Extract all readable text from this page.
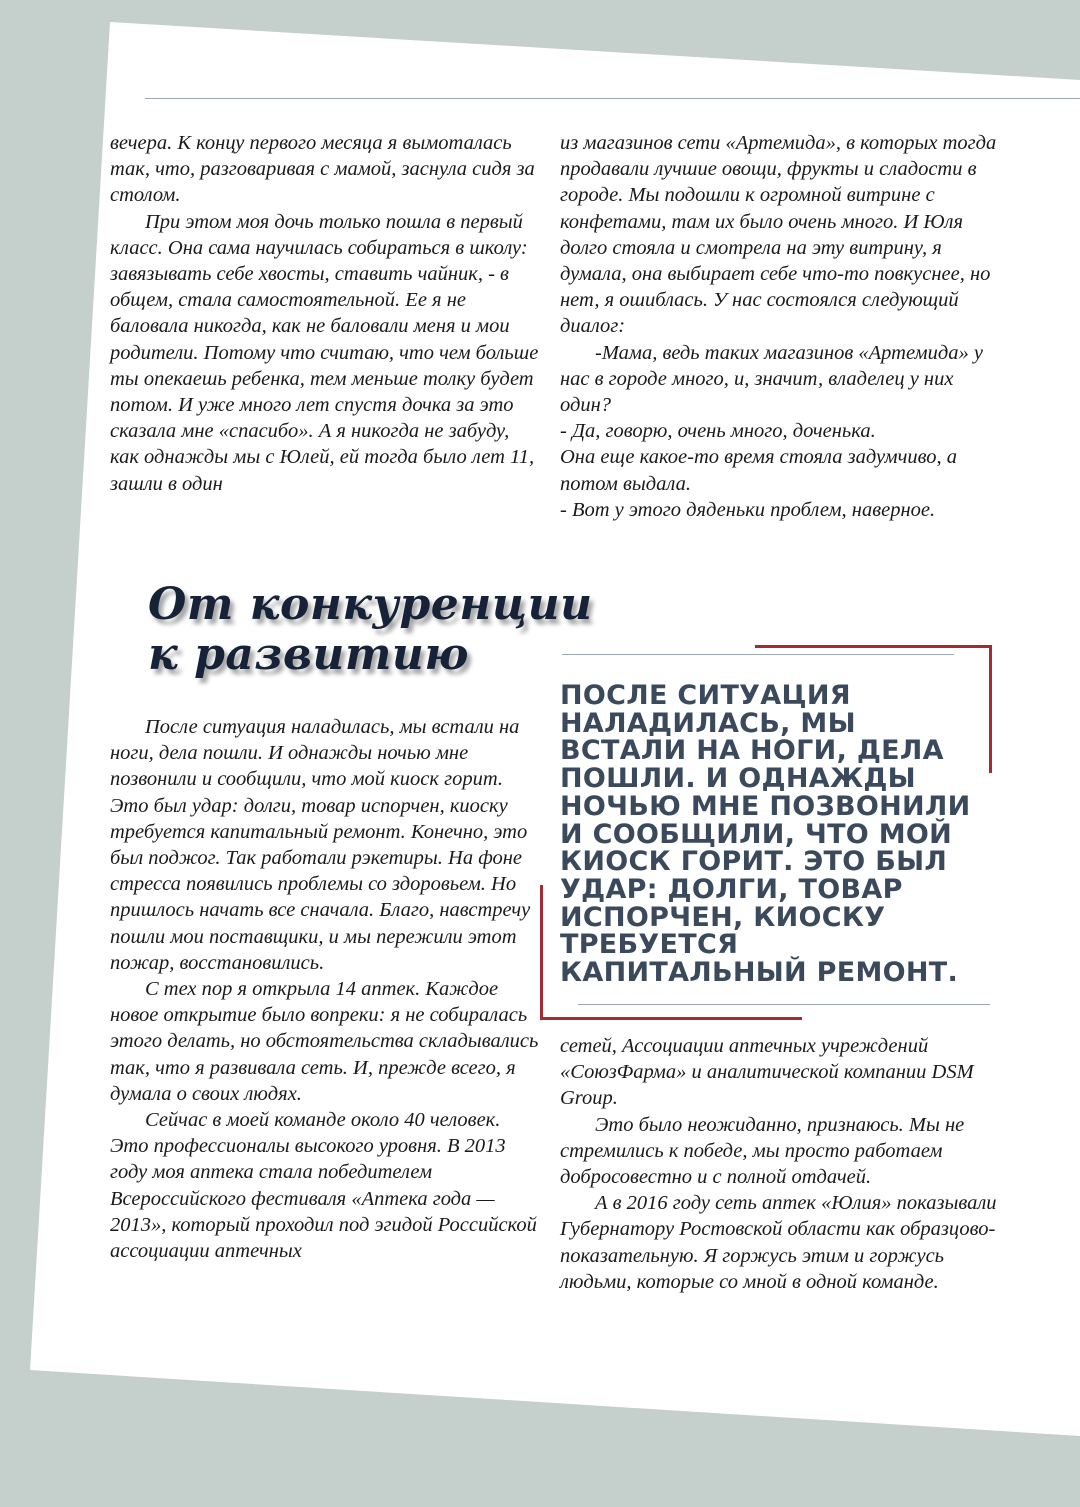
вечера. К концу первого месяца я вымоталась так, что, разговаривая с мамой, заснула сидя за столом.

При этом моя дочь только пошла в первый класс. Она сама научилась собираться в школу: завязывать себе хвосты, ставить чайник, - в общем, стала самостоятельной. Ее я не баловала никогда, как не баловали меня и мои родители. Потому что считаю, что чем больше ты опекаешь ребенка, тем меньше толку будет потом. И уже много лет спустя дочка за это сказала мне «спасибо». А я никогда не забуду, как однажды мы с Юлей, ей тогда было лет 11, зашли в один

из магазинов сети «Артемида», в которых тогда продавали лучшие овощи, фрукты и сладости в городе. Мы подошли к огромной витрине с конфетами, там их было очень много. И Юля долго стояла и смотрела на эту витрину, я думала, она выбирает себе что-то повкуснее, но нет, я ошиблась. У нас состоялся следующий диалог:

-Мама, ведь таких магазинов «Артемида» у нас в городе много, и, значит, владелец у них один?

- Да, говорю, очень много, доченька.

Она еще какое-то время стояла задумчиво, а потом выдала.

- Вот у этого дяденьки проблем, наверное.

От конкуренции
к развитию

После ситуация наладилась, мы встали на ноги, дела пошли. И однажды ночью мне позвонили и сообщили, что мой киоск горит. Это был удар: долги, товар испорчен, киоску требуется капитальный ремонт. Конечно, это был поджог. Так работали рэкетиры. На фоне стресса появились проблемы со здоровьем. Но пришлось начать все сначала. Благо, навстречу пошли мои поставщики, и мы пережили этот пожар, восстановились.

С тех пор я открыла 14 аптек. Каждое новое открытие было вопреки: я не собиралась этого делать, но обстоятельства складывались так, что я развивала сеть. И, прежде всего, я думала о своих людях.

Сейчас в моей команде около 40 человек. Это профессионалы высокого уровня. В 2013 году моя аптека стала победителем Всероссийского фестиваля «Аптека года — 2013», который проходил под эгидой Российской ассоциации аптечных

ПОСЛЕ СИТУАЦИЯ НАЛАДИЛАСЬ, МЫ ВСТАЛИ НА НОГИ, ДЕЛА ПОШЛИ. И ОДНАЖДЫ НОЧЬЮ МНЕ ПОЗВОНИЛИ И СООБЩИЛИ, ЧТО МОЙ КИОСК ГОРИТ. ЭТО БЫЛ УДАР: ДОЛГИ, ТОВАР ИСПОРЧЕН, КИОСКУ ТРЕБУЕТСЯ КАПИТАЛЬНЫЙ РЕМОНТ.

сетей, Ассоциации аптечных учреждений «СоюзФарма» и аналитической компании DSM Group.

Это было неожиданно, признаюсь. Мы не стремились к победе, мы просто работаем добросовестно и с полной отдачей.

А в 2016 году сеть аптек «Юлия» показывали Губернатору Ростовской области как образцово-показательную. Я горжусь этим и горжусь людьми, которые со мной в одной команде.
